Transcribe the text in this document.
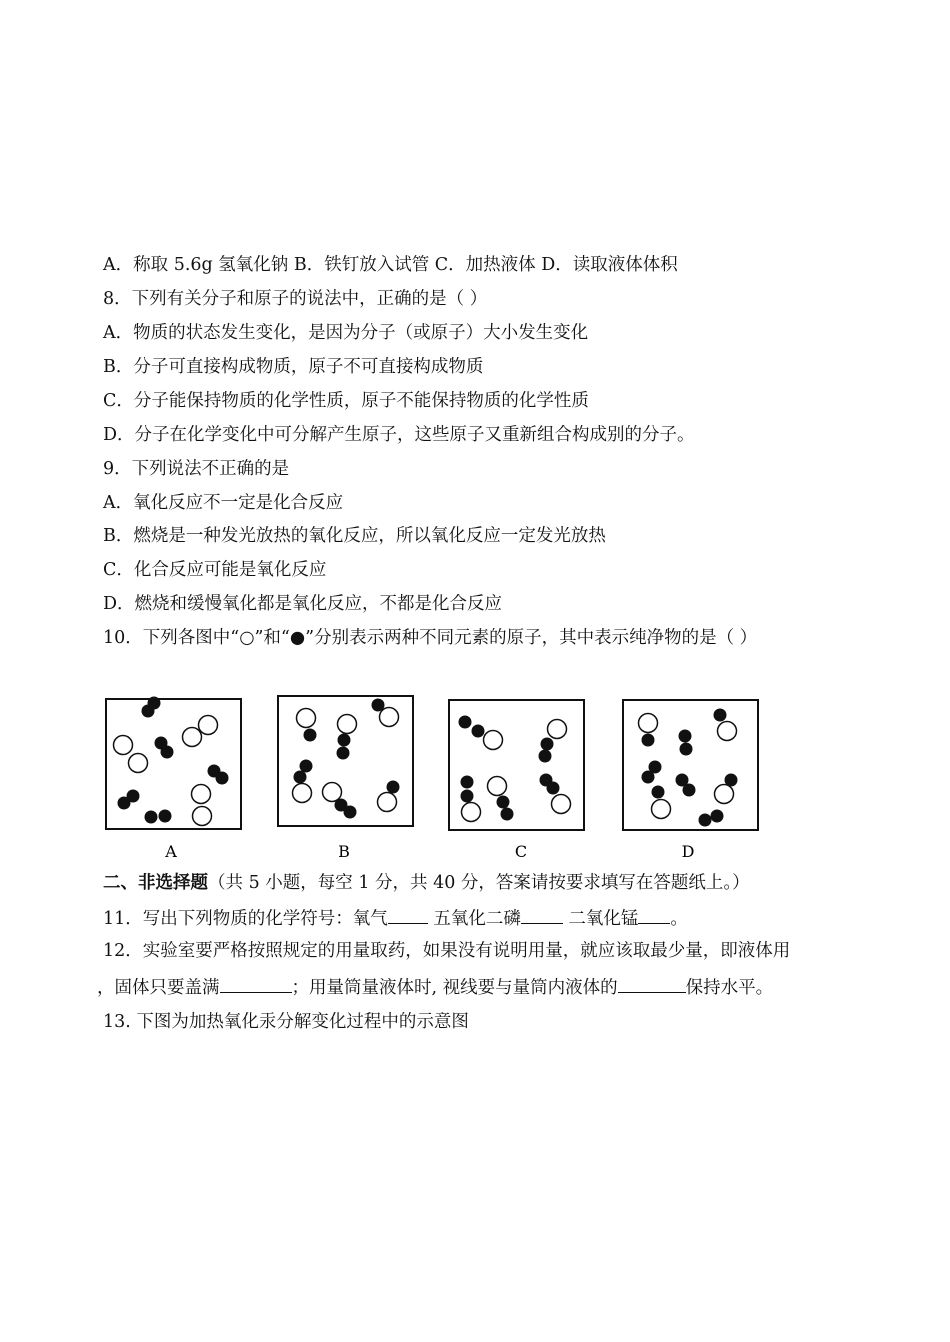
A．称取 5.6g 氢氧化钠 B．铁钉放入试管 C．加热液体 D．读取液体体积
8．下列有关分子和原子的说法中，正确的是（ ）
A．物质的状态发生变化，是因为分子（或原子）大小发生变化
B．分子可直接构成物质，原子不可直接构成物质
C．分子能保持物质的化学性质，原子不能保持物质的化学性质
D．分子在化学变化中可分解产生原子，这些原子又重新组合构成别的分子。
9．下列说法不正确的是
A．氧化反应不一定是化合反应
B．燃烧是一种发光放热的氧化反应，所以氧化反应一定发光放热
C．化合反应可能是氧化反应
D．燃烧和缓慢氧化都是氧化反应，不都是化合反应
10．下列各图中“○”和“●”分别表示两种不同元素的原子，其中表示纯净物的是（ ）
A	B	C	D
二、非选择题（共 5 小题，每空 1 分，共 40 分，答案请按要求填写在答题纸上。）
11．写出下列物质的化学符号：氧气 五氧化二磷 二氧化锰 。
12．实验室要严格按照规定的用量取药，如果没有说明用量，就应该取最少量，即液体用
，固体只要盖满	；用量筒量液体时, 视线要与量筒内液体的	保持水平。
13. 下图为加热氧化汞分解变化过程中的示意图
